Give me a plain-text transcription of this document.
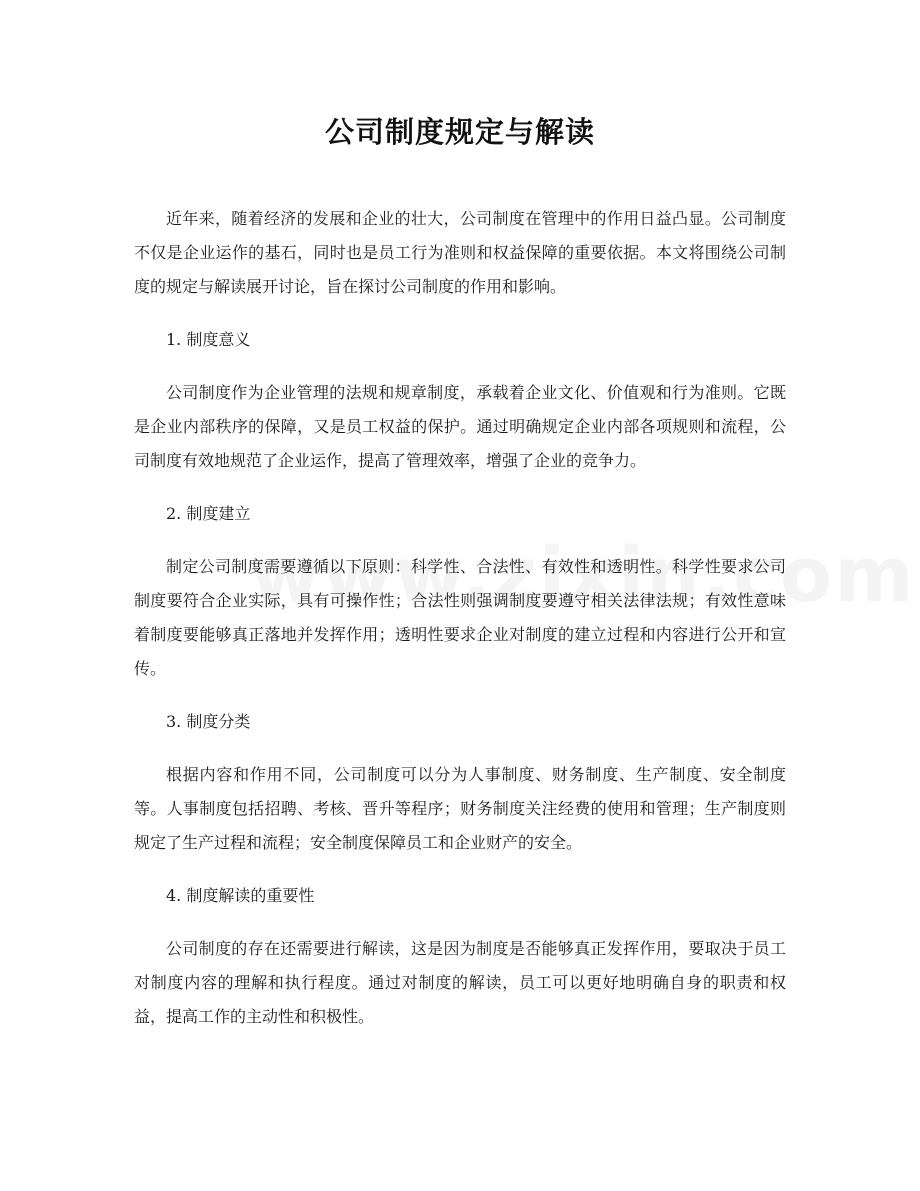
公司制度规定与解读

近年来，随着经济的发展和企业的壮大，公司制度在管理中的作用日益凸显。公司制度不仅是企业运作的基石，同时也是员工行为准则和权益保障的重要依据。本文将围绕公司制度的规定与解读展开讨论，旨在探讨公司制度的作用和影响。

1. 制度意义

公司制度作为企业管理的法规和规章制度，承载着企业文化、价值观和行为准则。它既是企业内部秩序的保障，又是员工权益的保护。通过明确规定企业内部各项规则和流程，公司制度有效地规范了企业运作，提高了管理效率，增强了企业的竞争力。

2. 制度建立

制定公司制度需要遵循以下原则：科学性、合法性、有效性和透明性。科学性要求公司制度要符合企业实际，具有可操作性；合法性则强调制度要遵守相关法律法规；有效性意味着制度要能够真正落地并发挥作用；透明性要求企业对制度的建立过程和内容进行公开和宣传。

3. 制度分类

根据内容和作用不同，公司制度可以分为人事制度、财务制度、生产制度、安全制度等。人事制度包括招聘、考核、晋升等程序；财务制度关注经费的使用和管理；生产制度则规定了生产过程和流程；安全制度保障员工和企业财产的安全。

4. 制度解读的重要性

公司制度的存在还需要进行解读，这是因为制度是否能够真正发挥作用，要取决于员工对制度内容的理解和执行程度。通过对制度的解读，员工可以更好地明确自身的职责和权益，提高工作的主动性和积极性。
